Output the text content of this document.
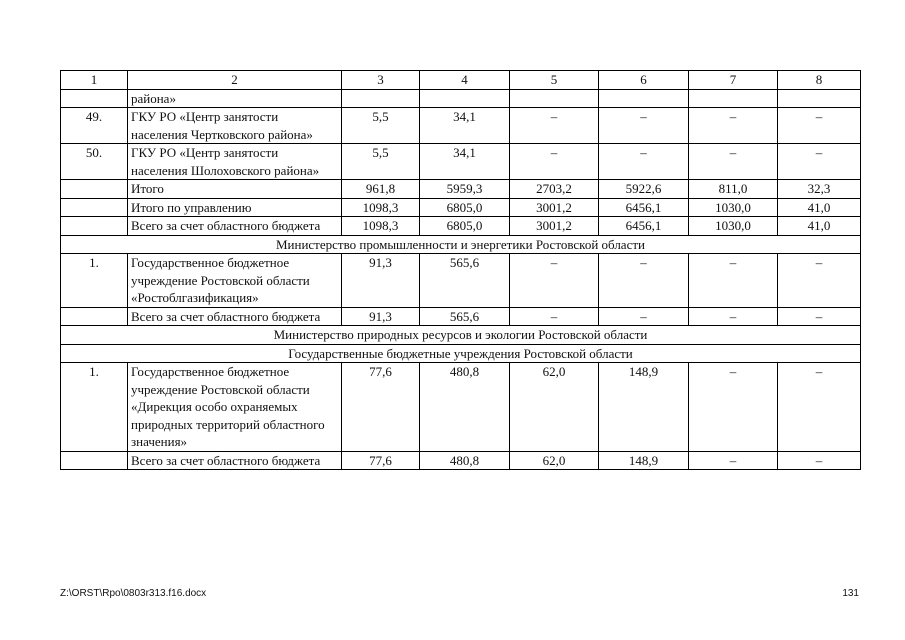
1	2	3	4	5	6	7	8
	района»						
49.	ГКУ РО «Центр занятости населения Чертковского района»	5,5	34,1	–	–	–	–
50.	ГКУ РО «Центр занятости населения Шолоховского района»	5,5	34,1	–	–	–	–
	Итого	961,8	5959,3	2703,2	5922,6	811,0	32,3
	Итого по управлению	1098,3	6805,0	3001,2	6456,1	1030,0	41,0
	Всего за счет областного бюджета	1098,3	6805,0	3001,2	6456,1	1030,0	41,0
Министерство промышленности и энергетики Ростовской области							
1.	Государственное бюджетное учреждение Ростовской области «Ростоблгазификация»	91,3	565,6	–	–	–	–
	Всего за счет областного бюджета	91,3	565,6	–	–	–	–
Министерство природных ресурсов и экологии Ростовской области							
Государственные бюджетные учреждения Ростовской области							
1.	Государственное бюджетное учреждение Ростовской области «Дирекция особо охраняемых природных территорий областного значения»	77,6	480,8	62,0	148,9	–	–
	Всего за счет областного бюджета	77,6	480,8	62,0	148,9	–	–
Z:\ORST\Rpo\0803r313.f16.docx	131
